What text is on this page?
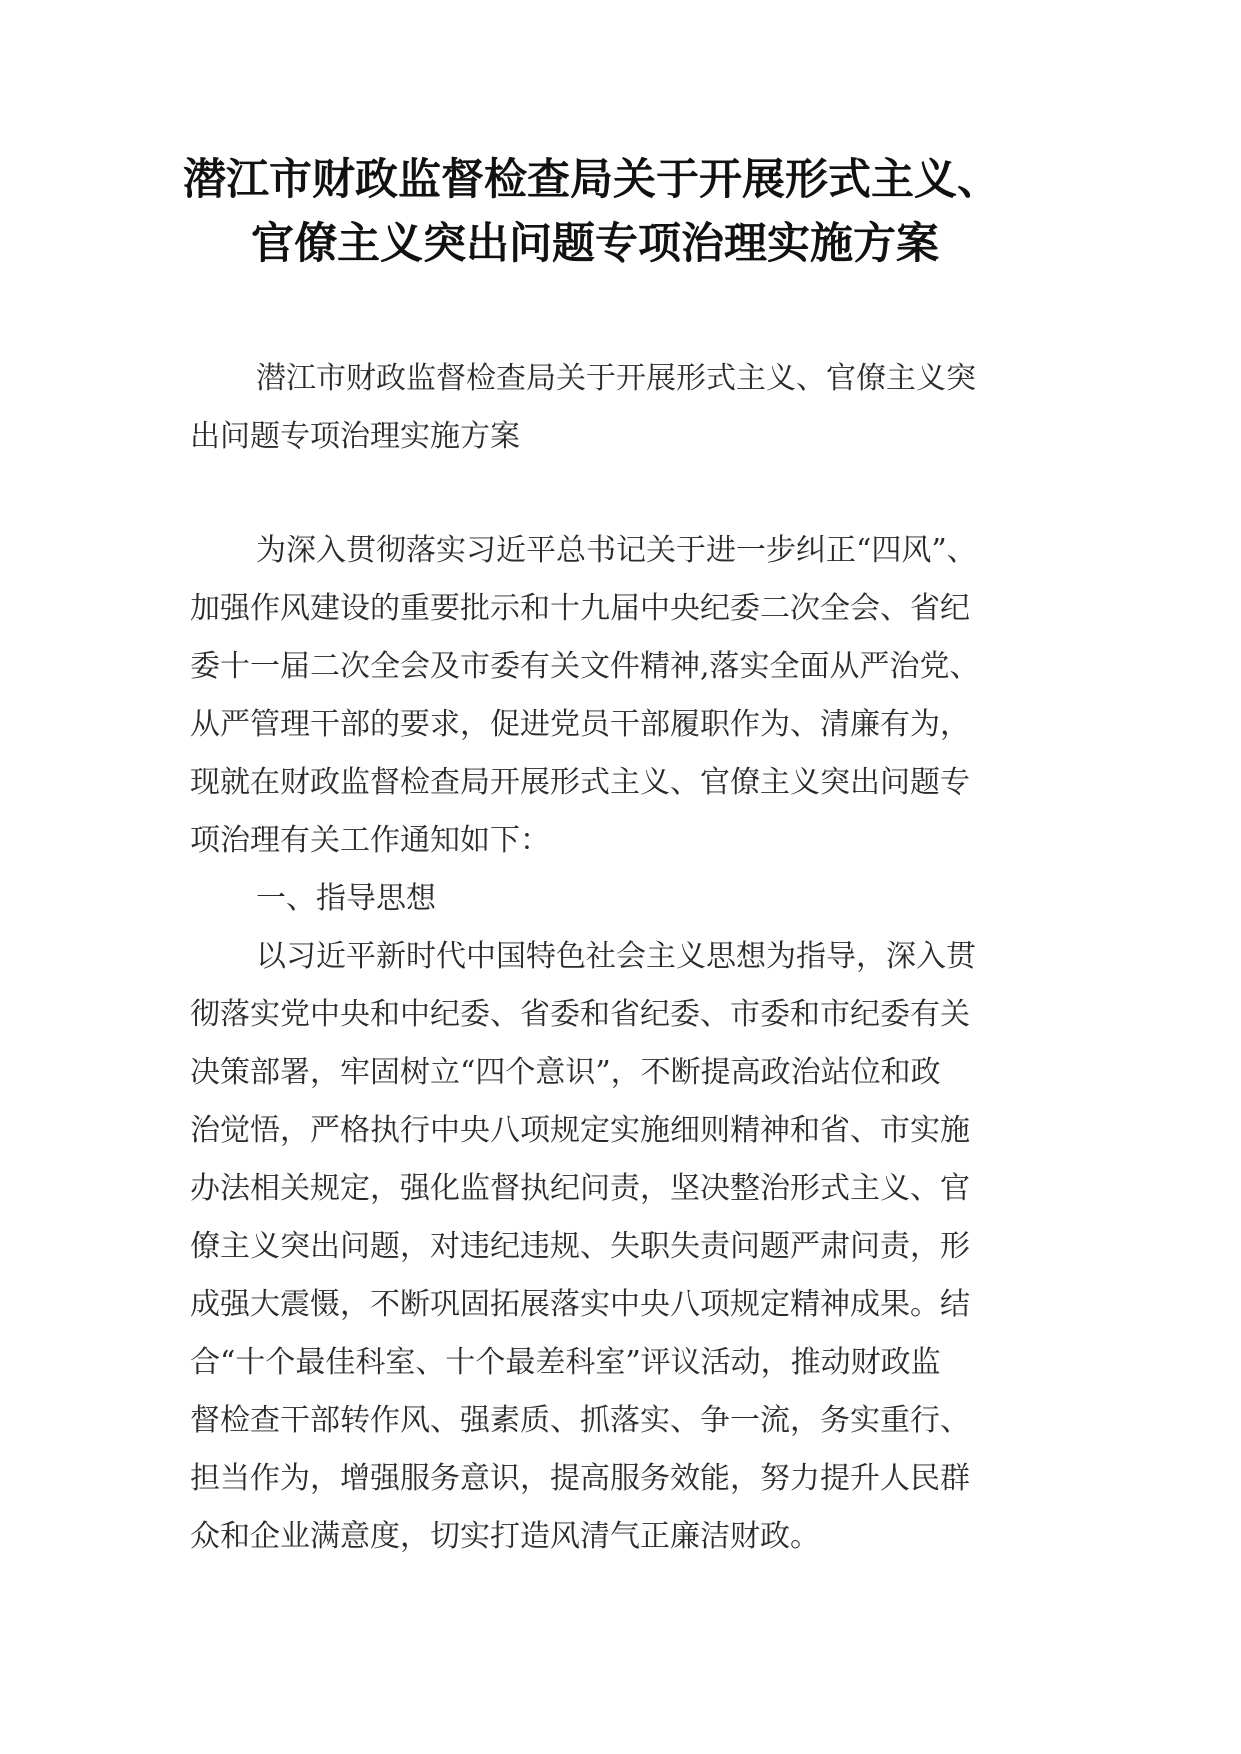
潜江市财政监督检查局关于开展形式主义、
官僚主义突出问题专项治理实施方案
潜江市财政监督检查局关于开展形式主义、官僚主义突
出问题专项治理实施方案
为深入贯彻落实习近平总书记关于进一步纠正“四风”、
加强作风建设的重要批示和十九届中央纪委二次全会、省纪
委十一届二次全会及市委有关文件精神,落实全面从严治党、
从严管理干部的要求，促进党员干部履职作为、清廉有为，
现就在财政监督检查局开展形式主义、官僚主义突出问题专
项治理有关工作通知如下：
一、指导思想
以习近平新时代中国特色社会主义思想为指导，深入贯
彻落实党中央和中纪委、省委和省纪委、市委和市纪委有关
决策部署，牢固树立“四个意识”，不断提高政治站位和政
治觉悟，严格执行中央八项规定实施细则精神和省、市实施
办法相关规定，强化监督执纪问责，坚决整治形式主义、官
僚主义突出问题，对违纪违规、失职失责问题严肃问责，形
成强大震慑，不断巩固拓展落实中央八项规定精神成果。结
合“十个最佳科室、十个最差科室”评议活动，推动财政监
督检查干部转作风、强素质、抓落实、争一流，务实重行、
担当作为，增强服务意识，提高服务效能，努力提升人民群
众和企业满意度，切实打造风清气正廉洁财政。
